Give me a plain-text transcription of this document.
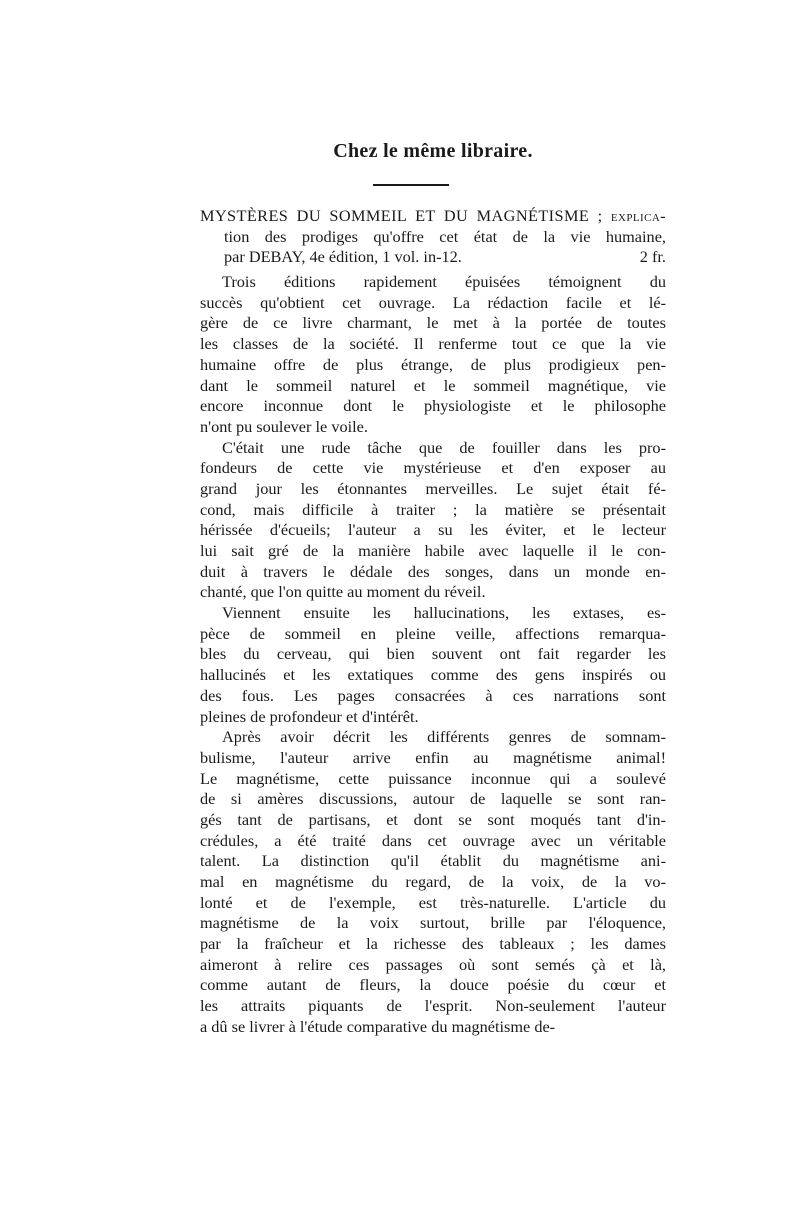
Chez le même libraire.
MYSTÈRES DU SOMMEIL ET DU MAGNÉTISME ; explica-
tion des prodiges qu'offre cet état de la vie humaine,
par DEBAY, 4e édition, 1 vol. in-12.	2 fr.
Trois éditions rapidement épuisées témoignent du
succès qu'obtient cet ouvrage. La rédaction facile et lé-
gère de ce livre charmant, le met à la portée de toutes
les classes de la société. Il renferme tout ce que la vie
humaine offre de plus étrange, de plus prodigieux pen-
dant le sommeil naturel et le sommeil magnétique, vie
encore inconnue dont le physiologiste et le philosophe
n'ont pu soulever le voile.
C'était une rude tâche que de fouiller dans les pro-
fondeurs de cette vie mystérieuse et d'en exposer au
grand jour les étonnantes merveilles. Le sujet était fé-
cond, mais difficile à traiter ; la matière se présentait
hérissée d'écueils; l'auteur a su les éviter, et le lecteur
lui sait gré de la manière habile avec laquelle il le con-
duit à travers le dédale des songes, dans un monde en-
chanté, que l'on quitte au moment du réveil.
Viennent ensuite les hallucinations, les extases, es-
pèce de sommeil en pleine veille, affections remarqua-
bles du cerveau, qui bien souvent ont fait regarder les
hallucinés et les extatiques comme des gens inspirés ou
des fous. Les pages consacrées à ces narrations sont
pleines de profondeur et d'intérêt.
Après avoir décrit les différents genres de somnam-
bulisme, l'auteur arrive enfin au magnétisme animal!
Le magnétisme, cette puissance inconnue qui a soulevé
de si amères discussions, autour de laquelle se sont ran-
gés tant de partisans, et dont se sont moqués tant d'in-
crédules, a été traité dans cet ouvrage avec un véritable
talent. La distinction qu'il établit du magnétisme ani-
mal en magnétisme du regard, de la voix, de la vo-
lonté et de l'exemple, est très-naturelle. L'article du
magnétisme de la voix surtout, brille par l'éloquence,
par la fraîcheur et la richesse des tableaux ; les dames
aimeront à relire ces passages où sont semés çà et là,
comme autant de fleurs, la douce poésie du cœur et
les attraits piquants de l'esprit. Non-seulement l'auteur
a dû se livrer à l'étude comparative du magnétisme de-
